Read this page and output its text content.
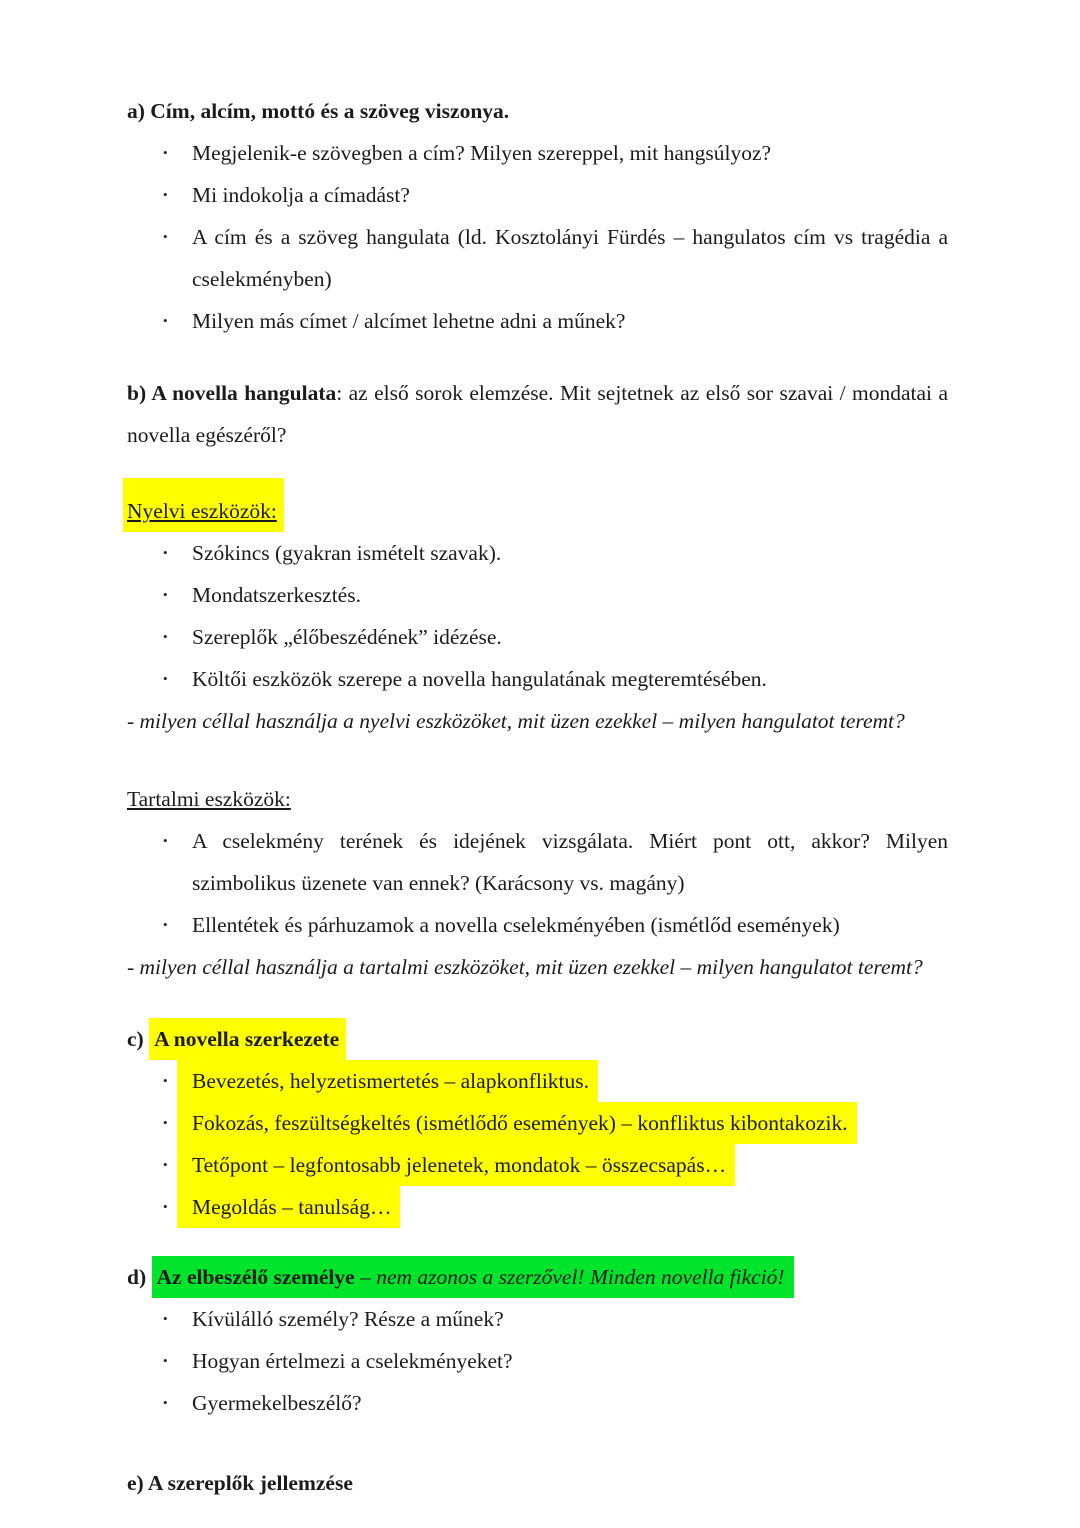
a) Cím, alcím, mottó és a szöveg viszonya.
• Megjelenik-e szövegben a cím? Milyen szereppel, mit hangsúlyoz?
• Mi indokolja a címadást?
• A cím és a szöveg hangulata (ld. Kosztolányi Fürdés – hangulatos cím vs tragédia a
cselekményben)
• Milyen más címet / alcímet lehetne adni a műnek?
b) A novella hangulata: az első sorok elemzése. Mit sejtetnek az első sor szavai / mondatai a
novella egészéről?
Nyelvi eszközök:
• Szókincs (gyakran ismételt szavak).
• Mondatszerkesztés.
• Szereplők „élőbeszédének” idézése.
• Költői eszközök szerepe a novella hangulatának megteremtésében.
- milyen céllal használja a nyelvi eszközöket, mit üzen ezekkel – milyen hangulatot teremt?
Tartalmi eszközök:
• A cselekmény terének és idejének vizsgálata. Miért pont ott, akkor? Milyen
szimbolikus üzenete van ennek? (Karácsony vs. magány)
• Ellentétek és párhuzamok a novella cselekményében (ismétlőd események)
- milyen céllal használja a tartalmi eszközöket, mit üzen ezekkel – milyen hangulatot teremt?
c) A novella szerkezete
• Bevezetés, helyzetismertetés – alapkonfliktus.
• Fokozás, feszültségkeltés (ismétlődő események) – konfliktus kibontakozik.
• Tetőpont – legfontosabb jelenetek, mondatok – összecsapás…
• Megoldás – tanulság…
d) Az elbeszélő személye – nem azonos a szerzővel! Minden novella fikció!
• Kívülálló személy? Része a műnek?
• Hogyan értelmezi a cselekményeket?
• Gyermekelbeszélő?
e) A szereplők jellemzése
